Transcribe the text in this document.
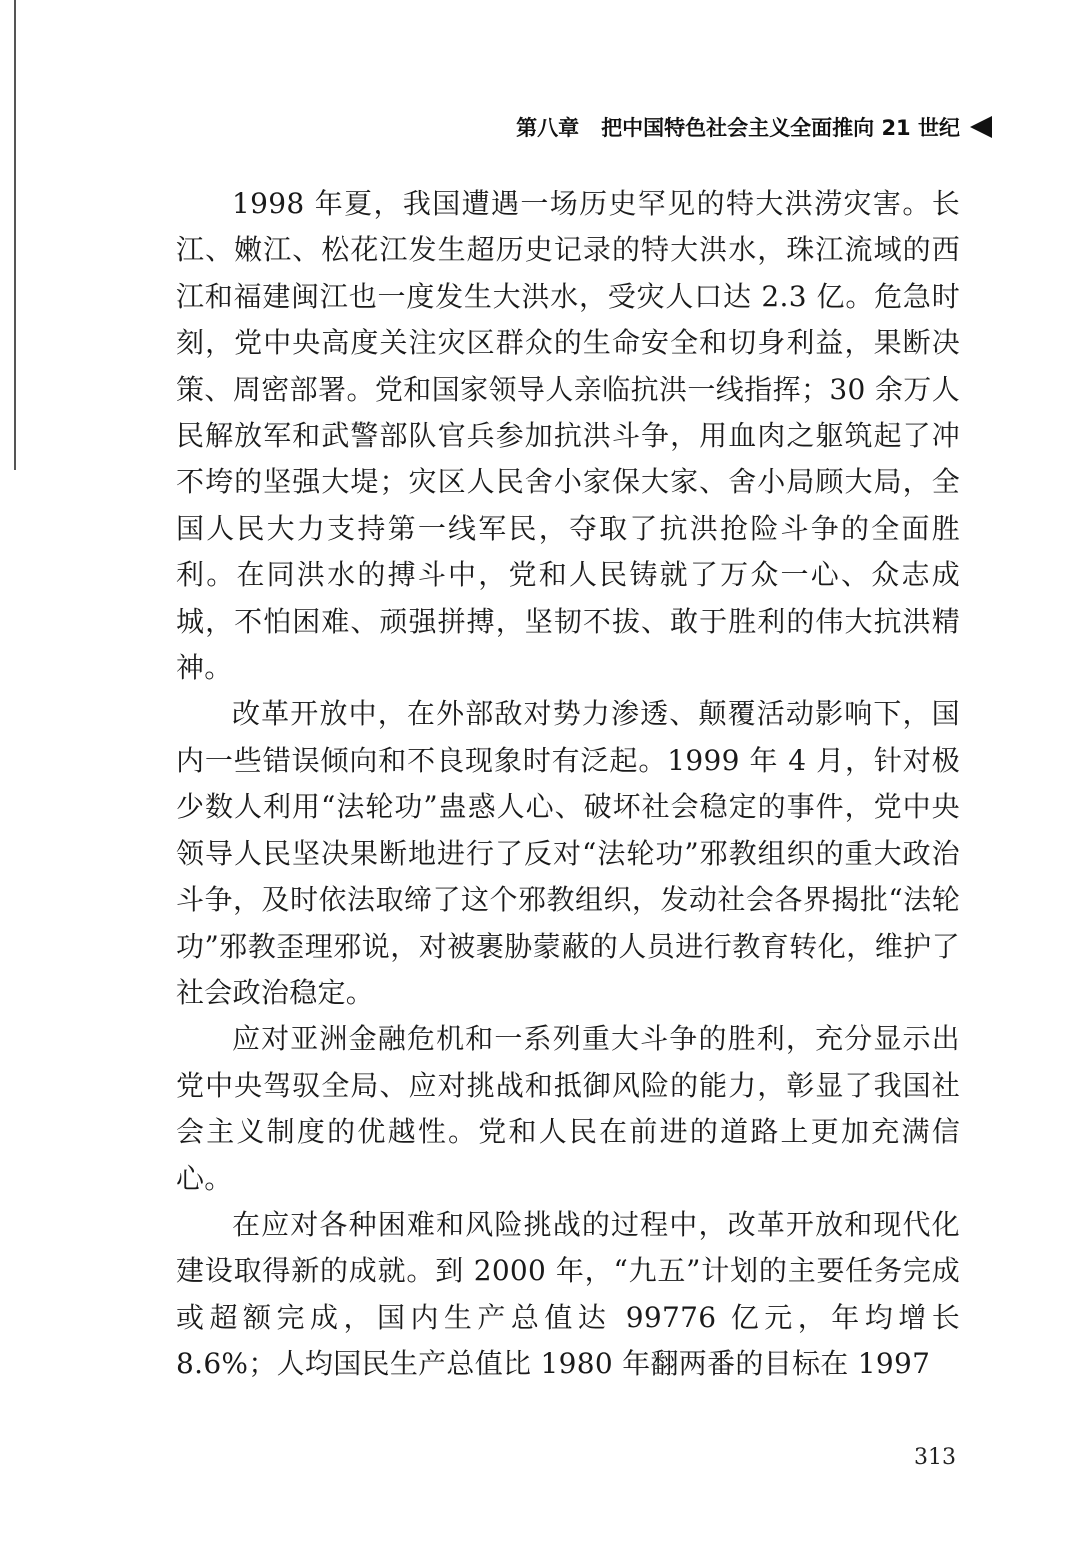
第八章 把中国特色社会主义全面推向 21 世纪

1998 年夏，我国遭遇一场历史罕见的特大洪涝灾害。长江、嫩江、松花江发生超历史记录的特大洪水，珠江流域的西江和福建闽江也一度发生大洪水，受灾人口达 2.3 亿。危急时刻，党中央高度关注灾区群众的生命安全和切身利益，果断决策、周密部署。党和国家领导人亲临抗洪一线指挥；30 余万人民解放军和武警部队官兵参加抗洪斗争，用血肉之躯筑起了冲不垮的坚强大堤；灾区人民舍小家保大家、舍小局顾大局，全国人民大力支持第一线军民，夺取了抗洪抢险斗争的全面胜利。在同洪水的搏斗中，党和人民铸就了万众一心、众志成城，不怕困难、顽强拼搏，坚韧不拔、敢于胜利的伟大抗洪精神。

改革开放中，在外部敌对势力渗透、颠覆活动影响下，国内一些错误倾向和不良现象时有泛起。1999 年 4 月，针对极少数人利用“法轮功”蛊惑人心、破坏社会稳定的事件，党中央领导人民坚决果断地进行了反对“法轮功”邪教组织的重大政治斗争，及时依法取缔了这个邪教组织，发动社会各界揭批“法轮功”邪教歪理邪说，对被裹胁蒙蔽的人员进行教育转化，维护了社会政治稳定。

应对亚洲金融危机和一系列重大斗争的胜利，充分显示出党中央驾驭全局、应对挑战和抵御风险的能力，彰显了我国社会主义制度的优越性。党和人民在前进的道路上更加充满信心。

在应对各种困难和风险挑战的过程中，改革开放和现代化建设取得新的成就。到 2000 年，“九五”计划的主要任务完成或超额完成，国内生产总值达 99776 亿元，年均增长 8.6%；人均国民生产总值比 1980 年翻两番的目标在 1997

313
